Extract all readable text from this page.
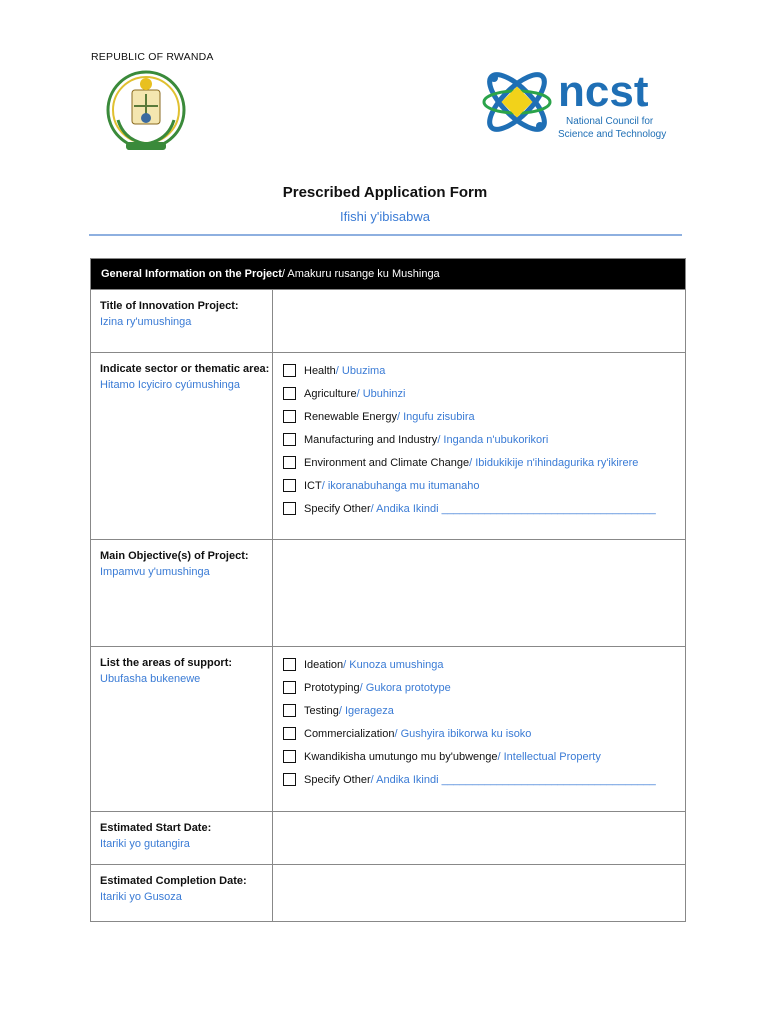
REPUBLIC OF RWANDA
ncst
National Council for
Science and Technology
Prescribed Application Form
Ifishi y'ibisabwa
General Information on the Project / Amakuru rusange ku Mushinga
Title of Innovation Project:
Izina ry'umushinga
Indicate sector or thematic area:
Hitamo Icyiciro cyúmushinga
Health / Ubuzima
Agriculture / Ubuhinzi
Renewable Energy / Ingufu zisubira
Manufacturing and Industry / Inganda n'ubukorikori
Environment and Climate Change / Ibidukikije n'ihindagurika ry'ikirere
ICT / ikoranabuhanga mu itumanaho
Specify Other / Andika Ikindi ___________________________________
Main Objective(s) of Project:
Impamvu y'umushinga
List the areas of support:
Ubufasha bukenewe
Ideation / Kunoza umushinga
Prototyping / Gukora prototype
Testing / Igerageza
Commercialization / Gushyira ibikorwa ku isoko
Kwandikisha umutungo mu by'ubwenge / Intellectual Property
Specify Other / Andika Ikindi ___________________________________
Estimated Start Date:
Itariki yo gutangira
Estimated Completion Date:
Itariki yo Gusoza
